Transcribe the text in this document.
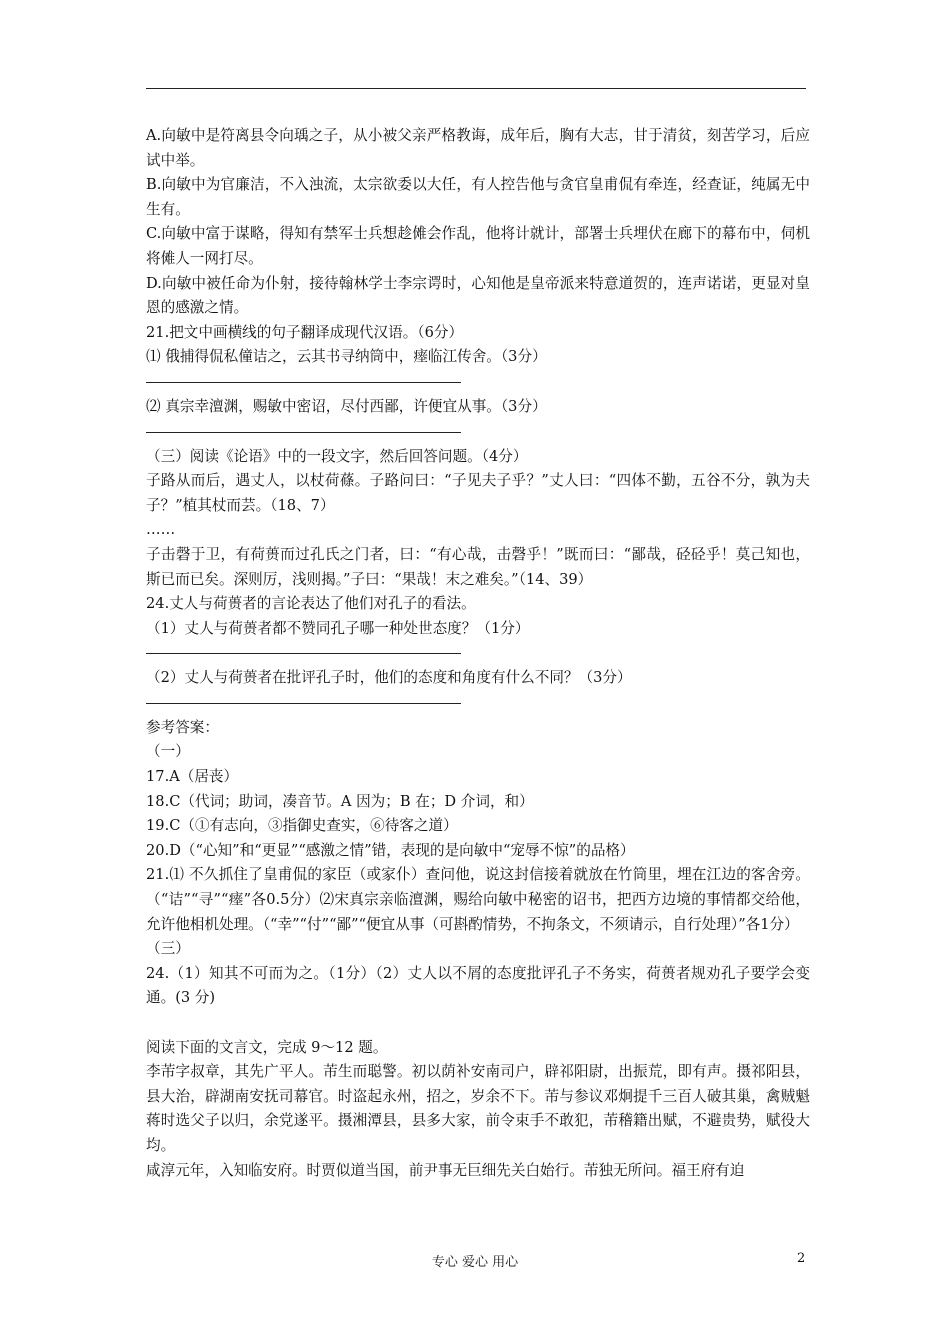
A.向敏中是符离县令向瑀之子，从小被父亲严格教诲，成年后，胸有大志，甘于清贫，刻苦学习，后应试中举。

B.向敏中为官廉洁，不入浊流，太宗欲委以大任，有人控告他与贪官皇甫侃有牵连，经查证，纯属无中生有。

C.向敏中富于谋略，得知有禁军士兵想趁傩会作乱，他将计就计，部署士兵埋伏在廊下的幕布中，伺机将傩人一网打尽。

D.向敏中被任命为仆射，接待翰林学士李宗谔时，心知他是皇帝派来特意道贺的，连声诺诺，更显对皇恩的感激之情。

21.把文中画横线的句子翻译成现代汉语。（6分）

⑴ 俄捕得侃私僮诘之，云其书寻纳筒中，瘗临江传舍。（3分）

⑵ 真宗幸澶渊，赐敏中密诏，尽付西鄙，许便宜从事。（3分）

（三）阅读《论语》中的一段文字，然后回答问题。（4分）

子路从而后，遇丈人，以杖荷蓧。子路问曰：“子见夫子乎？”丈人曰：“四体不勤，五谷不分，孰为夫子？”植其杖而芸。（18、7）

……

子击磬于卫，有荷蒉而过孔氏之门者，曰：“有心哉，击磬乎！”既而曰：“鄙哉，硁硁乎！莫己知也，斯已而已矣。深则厉，浅则揭。”子曰：“果哉！末之难矣。”（14、39）

24.丈人与荷蒉者的言论表达了他们对孔子的看法。

（1）丈人与荷蒉者都不赞同孔子哪一种处世态度？（1分）

（2）丈人与荷蒉者在批评孔子时，他们的态度和角度有什么不同？（3分）

参考答案：

（一）

17.A（居丧）

18.C（代词；助词，凑音节。A 因为；B 在；D 介词，和）

19.C（①有志向，③指御史查实，⑥待客之道）

20.D（“心知”和“更显”“感激之情”错，表现的是向敏中“宠辱不惊”的品格）

21.⑴ 不久抓住了皇甫侃的家臣（或家仆）查问他，说这封信接着就放在竹筒里，埋在江边的客舍旁。（“诘”“寻”“瘗”各0.5分）⑵宋真宗亲临澶渊，赐给向敏中秘密的诏书，把西方边境的事情都交给他，允许他相机处理。（“幸”“付”“鄙”“便宜从事（可斟酌情势，不拘条文，不须请示，自行处理）”各1分）

（三）

24.（1）知其不可而为之。（1分）（2）丈人以不屑的态度批评孔子不务实，荷蒉者规劝孔子要学会变通。(3 分)

阅读下面的文言文，完成 9～12 题。

李芾字叔章，其先广平人。芾生而聪警。初以荫补安南司户，辟祁阳尉，出振荒，即有声。摄祁阳县，县大治，辟湖南安抚司幕官。时盗起永州，招之，岁余不下。芾与参议邓炯提千三百人破其巢，禽贼魁蒋时选父子以归，余党遂平。摄湘潭县，县多大家，前令束手不敢犯，芾稽籍出赋，不避贵势，赋役大均。

咸淳元年，入知临安府。时贾似道当国，前尹事无巨细先关白始行。芾独无所问。福王府有迫

专心 爱心 用心	2
